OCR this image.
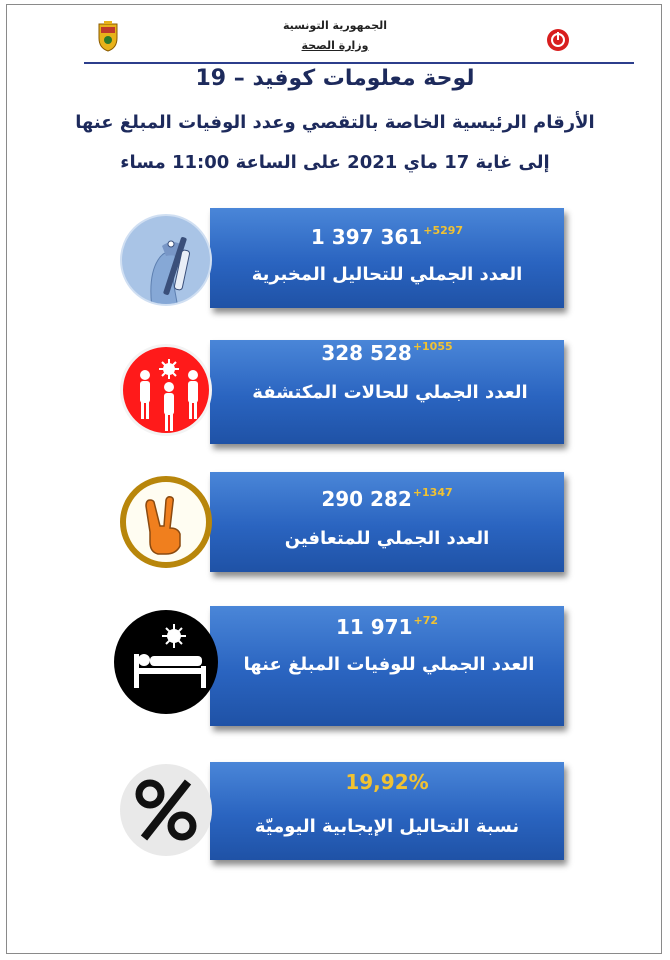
الجمهورية التونسية
وزارة الصحة
لوحة معلومات كوفيد – 19
الأرقام الرئيسية الخاصة بالتقصي وعدد الوفيات المبلغ عنها
إلى غاية 17 ماي 2021 على الساعة 11:00 مساء
1 397 $361^{+5297}$
العدد الجملي للتحاليل المخبرية
328 $528^{+1055}$
العدد الجملي للحالات المكتشفة
290 $282^{+1347}$
العدد الجملي للمتعافين
11 $971^{+72}$
العدد الجملي للوفيات المبلغ عنها
19,92%
نسبة التحاليل الإيجابية اليوميّة
